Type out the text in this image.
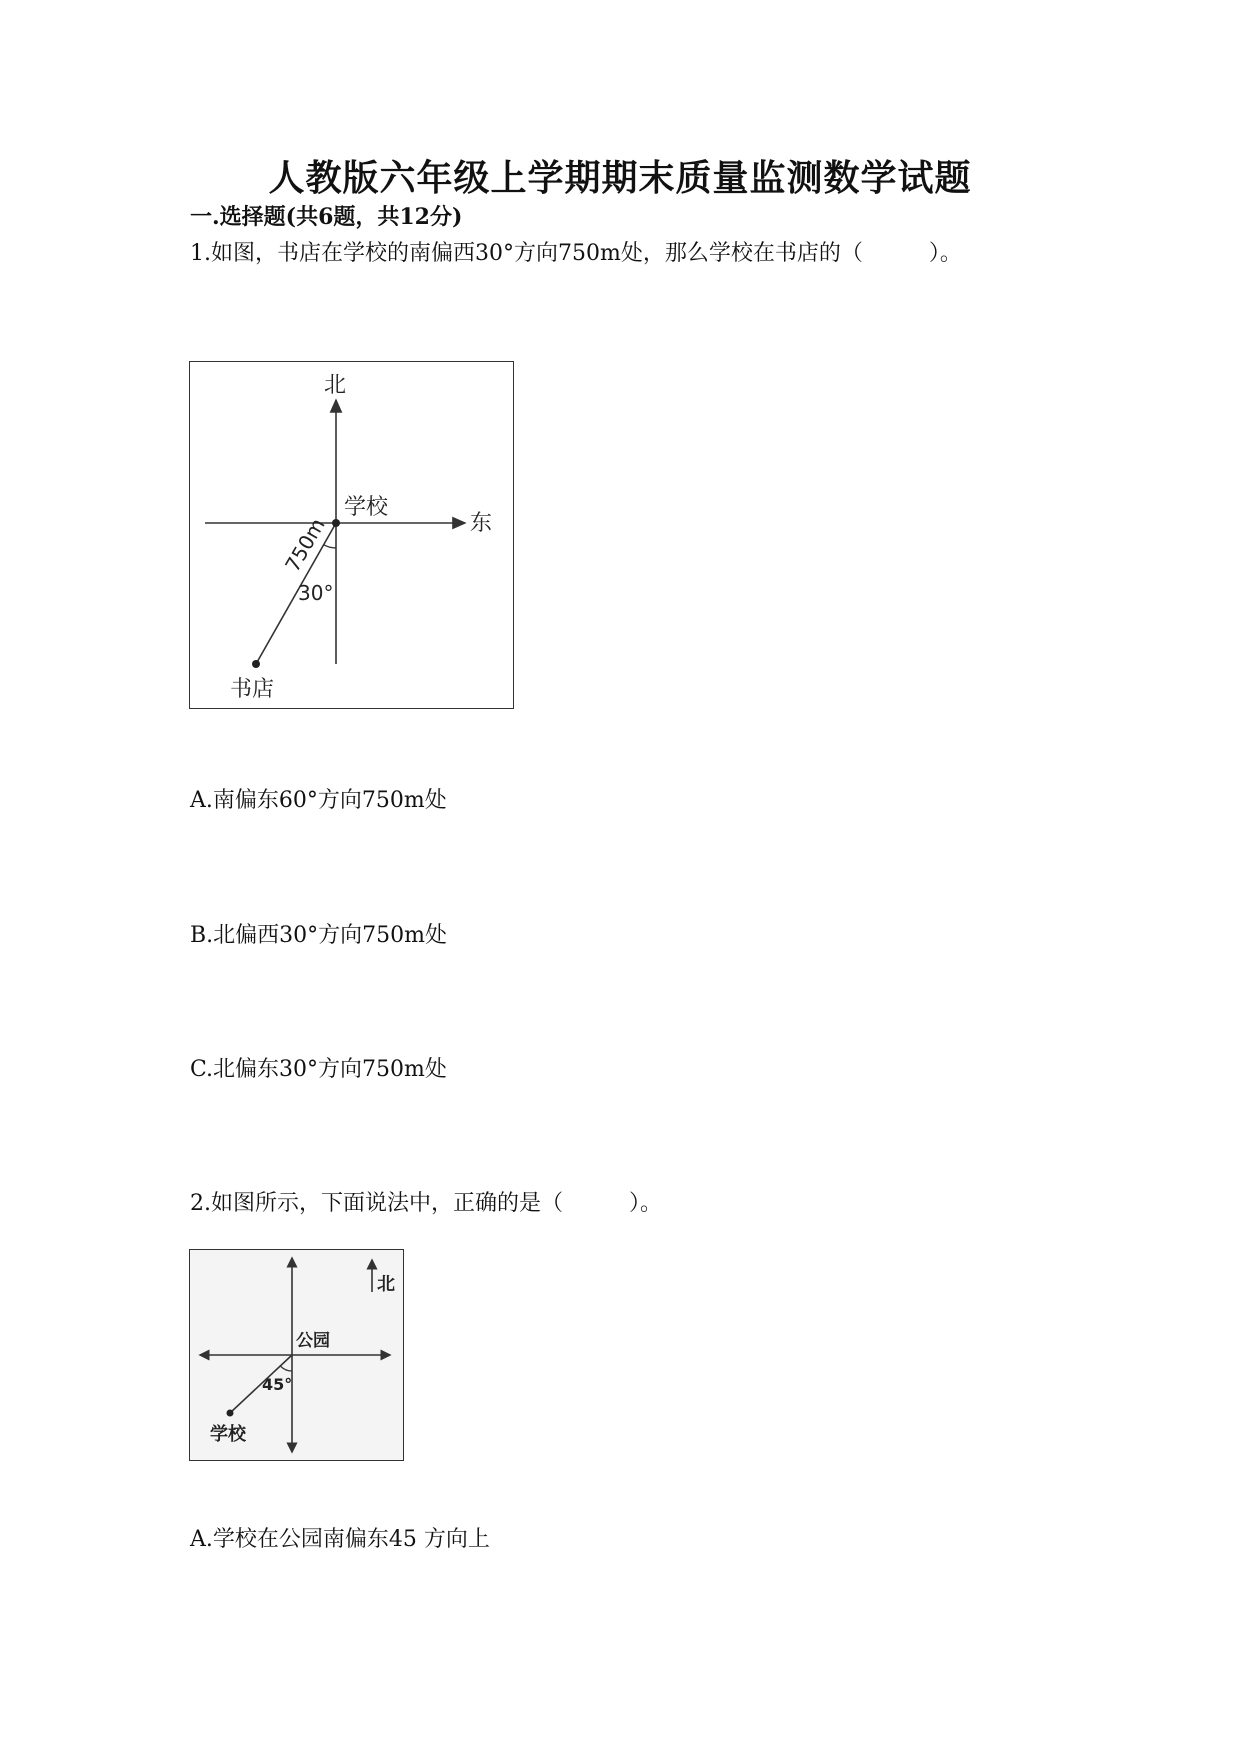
人教版六年级上学期期末质量监测数学试题
一.选择题(共6题，共12分)
1.如图，书店在学校的南偏西30°方向750m处，那么学校在书店的（　　　）。
北
东
学校
书店
750m
30°
A.南偏东60°方向750m处
B.北偏西30°方向750m处
C.北偏东30°方向750m处
2.如图所示，下面说法中，正确的是（　　　）。
北
公园
45°
学校
A.学校在公园南偏东45 方向上
